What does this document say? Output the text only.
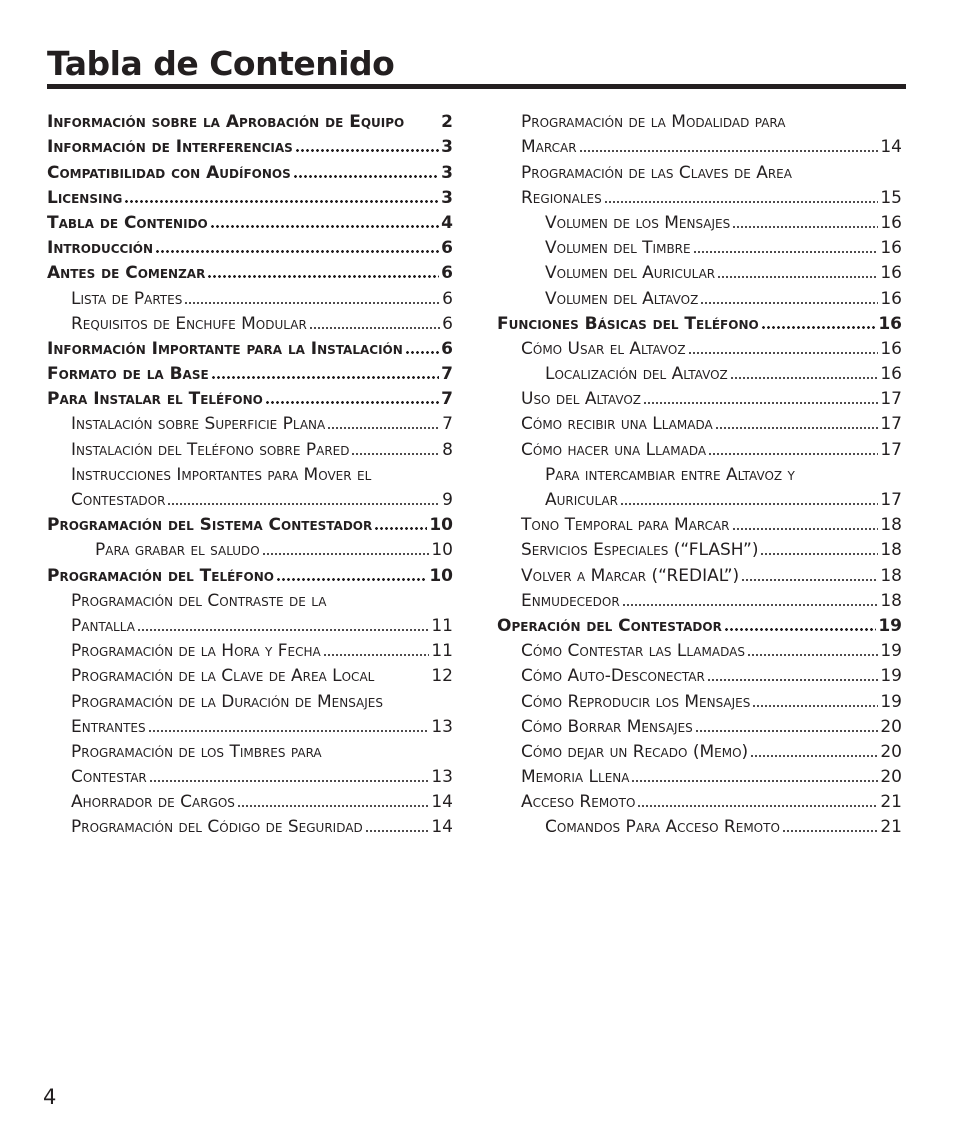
Tabla de Contenido
Información sobre la Aprobación de Equipo 2
Información de Interferencias	3
Compatibilidad con Audífonos	3
Licensing	3
Tabla de Contenido	4
Introducción	6
Antes de Comenzar	6
Lista de Partes	6
Requisitos de Enchufe Modular	6
Información Importante para la Instalación 6
Formato de la Base	7
Para Instalar el Teléfono	7
Instalación sobre Superficie Plana	7
Instalación del Teléfono sobre Pared	8
Instrucciones Importantes para Mover el
Contestador	9
Programación del Sistema Contestador	10
Para grabar el saludo	10
Programación del Teléfono	10
Programación del Contraste de la
Pantalla	11
Programación de la Hora y Fecha	11
Programación de la Clave de Area Local	12
Programación de la Duración de Mensajes
Entrantes	13
Programación de los Timbres para
Contestar	13
Ahorrador de Cargos	14
Programación del Código de Seguridad	14
Programación de la Modalidad para
Marcar	14
Programación de las Claves de Area
Regionales	15
Volumen de los Mensajes	16
Volumen del Timbre	16
Volumen del Auricular	16
Volumen del Altavoz	16
Funciones Básicas del Teléfono	16
Cómo Usar el Altavoz	16
Localización del Altavoz	16
Uso del Altavoz	17
Cómo recibir una Llamada	17
Cómo hacer una Llamada	17
Para intercambiar entre Altavoz y
Auricular	17
Tono Temporal para Marcar	18
Servicios Especiales (“FLASH”)	18
Volver a Marcar (“REDIAL”)	18
Enmudecedor	18
Operación del Contestador	19
Cómo Contestar las Llamadas	19
Cómo Auto-Desconectar	19
Cómo Reproducir los Mensajes	19
Cómo Borrar Mensajes	20
Cómo dejar un Recado (Memo)	20
Memoria Llena	20
Acceso Remoto	21
Comandos Para Acceso Remoto	21
4
